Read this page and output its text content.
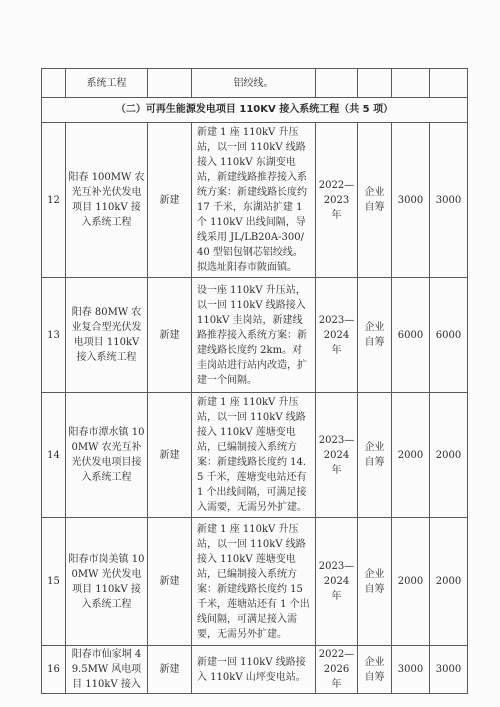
	系统工程		铝绞线。				
（二）可再生能源发电项目 110KV 接入系统工程（共 5 项）							
12	阳春 100MW 农光互补光伏发电项目 110kV 接入系统工程	新建	新建 1 座 110kV 升压站，以一回 110kV 线路接入 110kV 东湖变电站，新建线路推荐接入系统方案：新建线路长度约 17 千米，东湖站扩建 1 个 110kV 出线间隔，导线采用 JL/LB20A-300/40 型铝包钢芯铝绞线。拟选址阳春市陂面镇。	2022—2023 年	企业自筹	3000	3000
13	阳春 80MW 农业复合型光伏发电项目 110kV 接入系统工程	新建	设一座 110kV 升压站，以一回 110kV 线路接入 110kV 圭岗站，新建线路推荐接入系统方案：新建线路长度约 2km。对圭岗站进行站内改造，扩建一个间隔。	2023—2024 年	企业自筹	6000	6000
14	阳春市潭水镇 100MW 农光互补光伏发电项目接入系统工程	新建	新建 1 座 110kV 升压站，以一回 110kV 线路接入 110kV 莲塘变电站，已编制接入系统方案：新建线路长度约 14.5 千米，莲塘变电站还有 1 个出线间隔，可满足接入需要，无需另外扩建。	2023—2024 年	企业自筹	2000	2000
15	阳春市岗美镇 100MW 光伏发电项目 110kV 接入系统工程	新建	新建 1 座 110kV 升压站，以一回 110kV 线路接入 110kV 莲塘变电站，已编制接入系统方案：新建线路长度约 15 千米，莲塘站还有 1 个出线间隔，可满足接入需要，无需另外扩建。	2023—2024 年	企业自筹	2000	2000
16	阳春市仙家垌 49.5MW 风电项目 110kV 接入	新建	新建一回 110kV 线路接入 110kV 山坪变电站。	2022—2026 年	企业自筹	3000	3000
